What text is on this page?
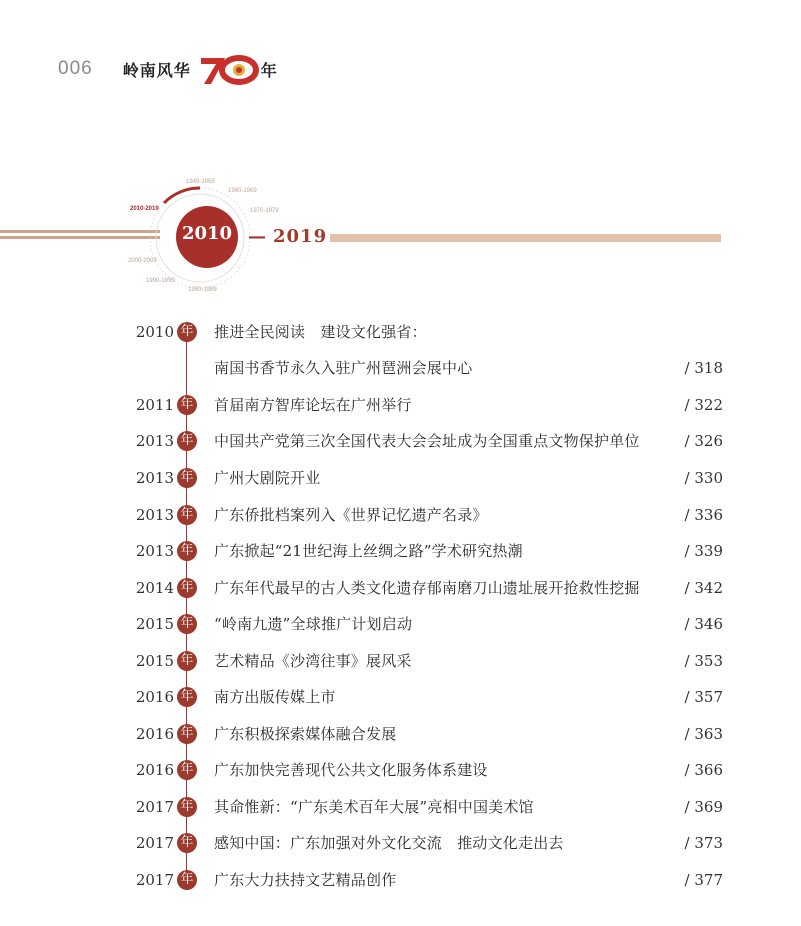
006 岭南风华	年
2010 — 2019
2010-2019
1949-1959
1960-1969
1970-1979
2000-2009
1990-1999
1980-1989
2010 年 推进全民阅读　建设文化强省：
南国书香节永久入驻广州琶洲会展中心	/ 318
2011 年 首届南方智库论坛在广州举行	/ 322
2013 年 中国共产党第三次全国代表大会会址成为全国重点文物保护单位	/ 326
2013 年 广州大剧院开业	/ 330
2013 年 广东侨批档案列入《世界记忆遗产名录》	/ 336
2013 年 广东掀起“21世纪海上丝绸之路”学术研究热潮	/ 339
2014 年 广东年代最早的古人类文化遗存郁南磨刀山遗址展开抢救性挖掘	/ 342
2015 年 “岭南九遗”全球推广计划启动	/ 346
2015 年 艺术精品《沙湾往事》展风采	/ 353
2016 年 南方出版传媒上市	/ 357
2016 年 广东积极探索媒体融合发展	/ 363
2016 年 广东加快完善现代公共文化服务体系建设	/ 366
2017 年 其命惟新：“广东美术百年大展”亮相中国美术馆	/ 369
2017 年 感知中国：广东加强对外文化交流　推动文化走出去	/ 373
2017 年 广东大力扶持文艺精品创作	/ 377
